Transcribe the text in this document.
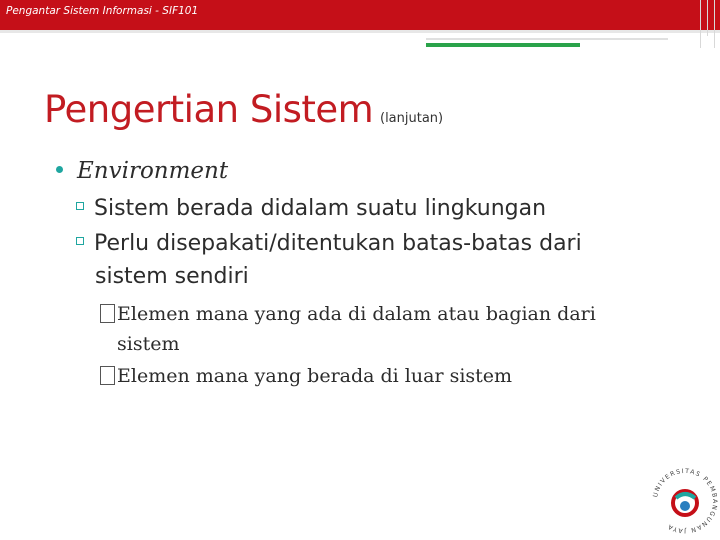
Pengantar Sistem Informasi - SIF101
Pengertian Sistem (lanjutan)
Environment
Sistem berada didalam suatu lingkungan
Perlu disepakati/ditentukan batas-batas dari
sistem sendiri
Elemen mana yang ada di dalam atau bagian dari
sistem
Elemen mana yang berada di luar sistem
UNIVERSITAS PEMBANGUNAN JAYA
